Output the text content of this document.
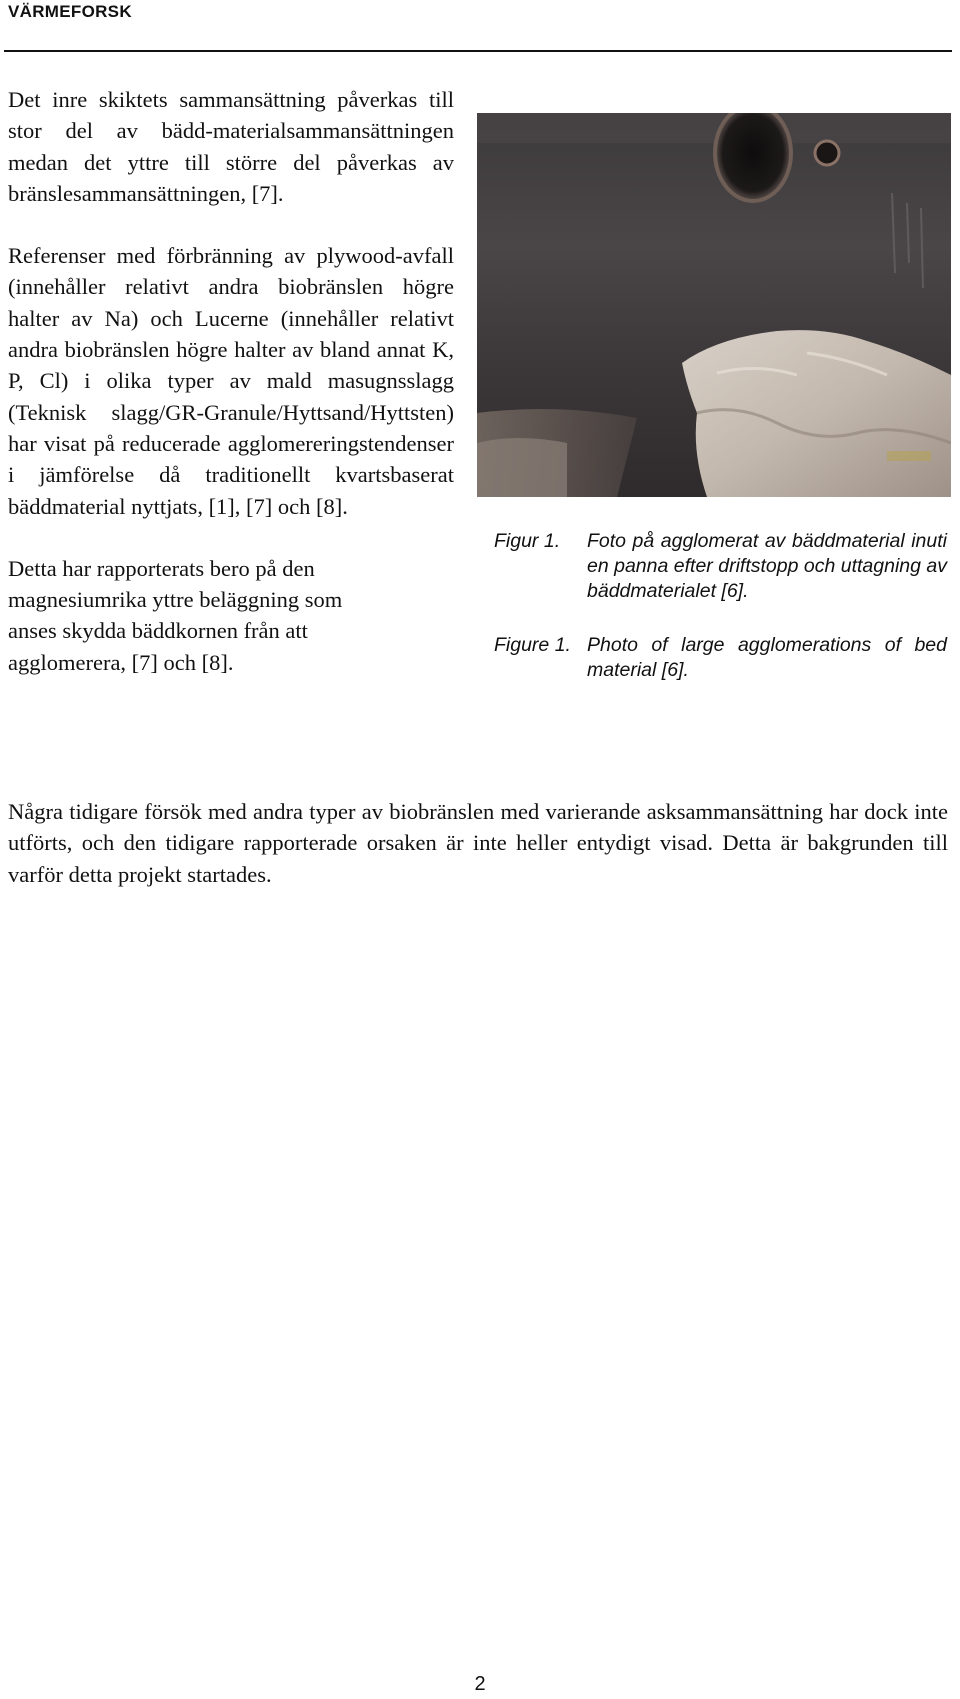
VÄRMEFORSK

Det inre skiktets sammansättning påverkas till stor del av bädd-materialsammansättningen medan det yttre till större del påverkas av bränslesammansättningen, [7].

Referenser med förbränning av plywood-avfall (innehåller relativt andra biobränslen högre halter av Na) och Lucerne (innehåller relativt andra biobränslen högre halter av bland annat K, P, Cl) i olika typer av mald masugnsslagg (Teknisk slagg/GR-Granule/Hyttsand/Hyttsten) har visat på reducerade agglomereringstendenser i jämförelse då traditionellt kvartsbaserat bäddmaterial nyttjats, [1], [7] och [8].

Detta har rapporterats bero på den
magnesiumrika yttre beläggning som
anses skydda bäddkornen från att
agglomerera, [7] och [8].

Figur 1.	Foto på agglomerat av bäddmaterial inuti en panna efter driftstopp och uttagning av bäddmaterialet [6].
Figure 1. Photo of large agglomerations of bed material [6].

Några tidigare försök med andra typer av biobränslen med varierande asksammansättning har dock inte utförts, och den tidigare rapporterade orsaken är inte heller entydigt visad. Detta är bakgrunden till varför detta projekt startades.

2
